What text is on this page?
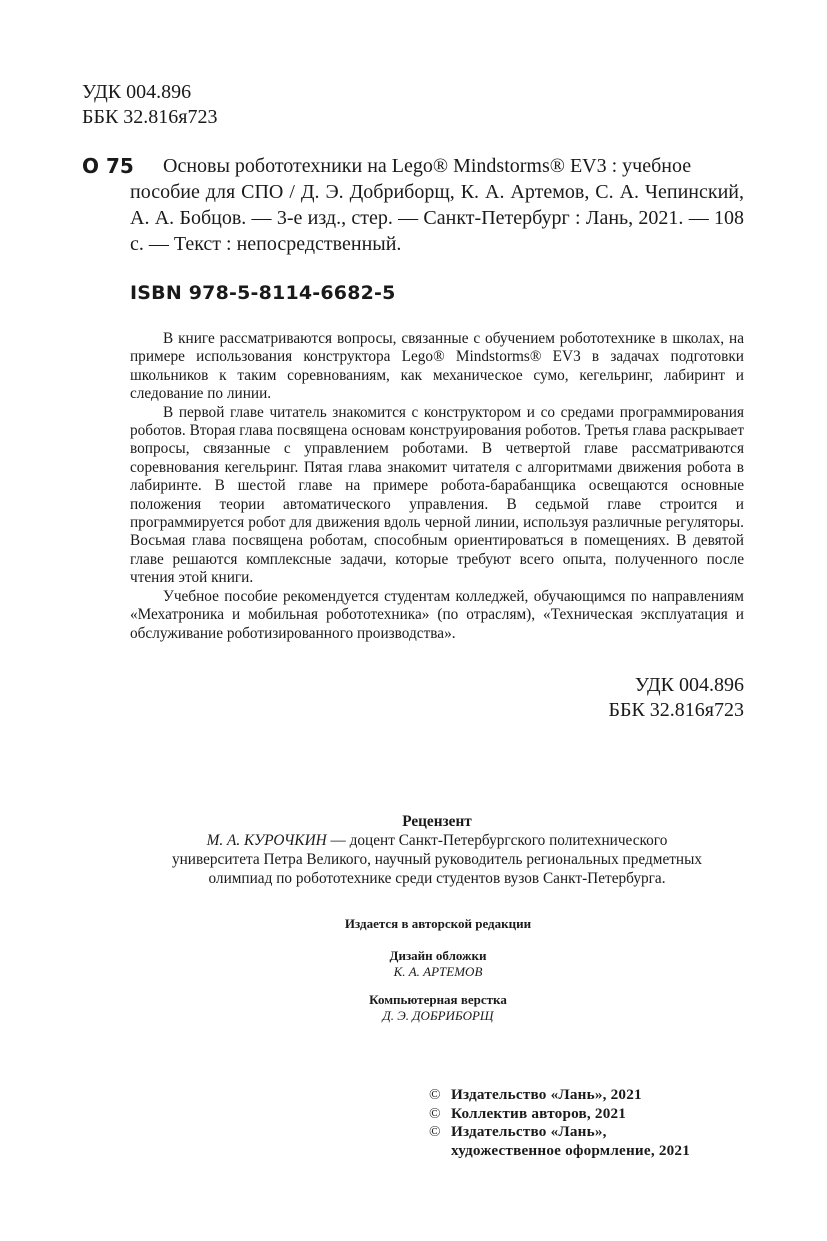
УДК 004.896
ББК 32.816я723
О 75 Основы робототехники на Lego® Mindstorms® EV3 : учебное
пособие для СПО / Д. Э. Добриборщ, К. А. Артемов, С. А. Чепинский, А. А. Бобцов. — 3-е изд., стер. — Санкт-Петербург : Лань, 2021. — 108 с. — Текст : непосредственный.
ISBN 978-5-8114-6682-5

В книге рассматриваются вопросы, связанные с обучением робототехнике в школах, на примере использования конструктора Lego® Mindstorms® EV3 в задачах подготовки школьников к таким соревнованиям, как механическое сумо, кегельринг, лабиринт и следование по линии.

В первой главе читатель знакомится с конструктором и со средами программирования роботов. Вторая глава посвящена основам конструирования роботов. Третья глава раскрывает вопросы, связанные с управлением роботами. В четвертой главе рассматриваются соревнования кегельринг. Пятая глава знакомит читателя с алгоритмами движения робота в лабиринте. В шестой главе на примере робота-барабанщика освещаются основные положения теории автоматического управления. В седьмой главе строится и программируется робот для движения вдоль черной линии, используя различные регуляторы. Восьмая глава посвящена роботам, способным ориентироваться в помещениях. В девятой главе решаются комплексные задачи, которые требуют всего опыта, полученного после чтения этой книги.

Учебное пособие рекомендуется студентам колледжей, обучающимся по направлениям «Мехатроника и мобильная робототехника» (по отраслям), «Техническая эксплуатация и обслуживание роботизированного производства».

УДК 004.896
ББК 32.816я723
Рецензент
М. А. КУРОЧКИН — доцент Санкт-Петербургского политехнического
университета Петра Великого, научный руководитель региональных предметных
олимпиад по робототехнике среди студентов вузов Санкт-Петербурга.
Издается в авторской редакции
Дизайн обложки
К. А. АРТЕМОВ
Компьютерная верстка
Д. Э. ДОБРИБОРЩ
© Издательство «Лань», 2021
© Коллектив авторов, 2021
© Издательство «Лань»,
художественное оформление, 2021
